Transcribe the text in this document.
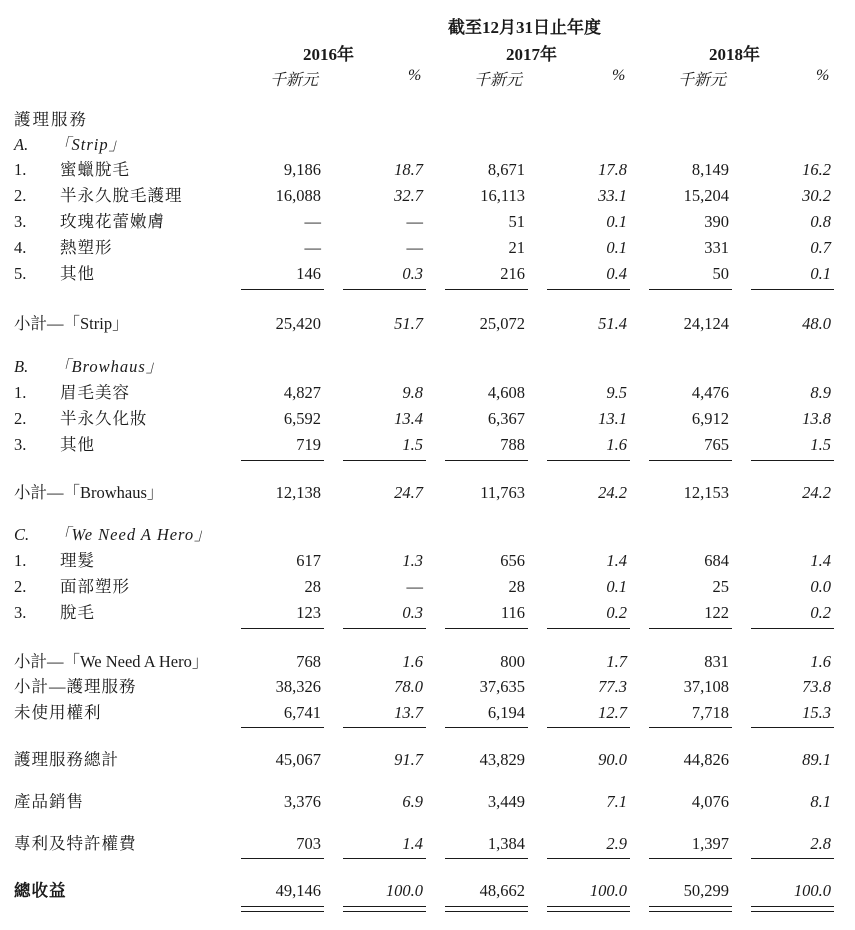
截至12月31日止年度
2016年	2017年	2018年
千新元	%	千新元	%	千新元	%
護理服務
A.	「Strip」
1.	蜜蠟脫毛	9,186	18.7	8,671	17.8	8,149	16.2
2.	半永久脫毛護理	16,088	32.7	16,113	33.1	15,204	30.2
3.	玫瑰花蕾嫩膚	—	—	51	0.1	390	0.8
4.	熱塑形	—	—	21	0.1	331	0.7
5.	其他	146	0.3	216	0.4	50	0.1
小計—「Strip」	25,420	51.7	25,072	51.4	24,124	48.0
B.	「Browhaus」
1.	眉毛美容	4,827	9.8	4,608	9.5	4,476	8.9
2.	半永久化妝	6,592	13.4	6,367	13.1	6,912	13.8
3.	其他	719	1.5	788	1.6	765	1.5
小計—「Browhaus」	12,138	24.7	11,763	24.2	12,153	24.2
C.	「We Need A Hero」
1.	理髮	617	1.3	656	1.4	684	1.4
2.	面部塑形	28	—	28	0.1	25	0.0
3.	脫毛	123	0.3	116	0.2	122	0.2
小計—「We Need A Hero」	768	1.6	800	1.7	831	1.6
小計—護理服務	38,326	78.0	37,635	77.3	37,108	73.8
未使用權利	6,741	13.7	6,194	12.7	7,718	15.3
護理服務總計	45,067	91.7	43,829	90.0	44,826	89.1
產品銷售	3,376	6.9	3,449	7.1	4,076	8.1
專利及特許權費	703	1.4	1,384	2.9	1,397	2.8
總收益	49,146	100.0	48,662	100.0	50,299	100.0
